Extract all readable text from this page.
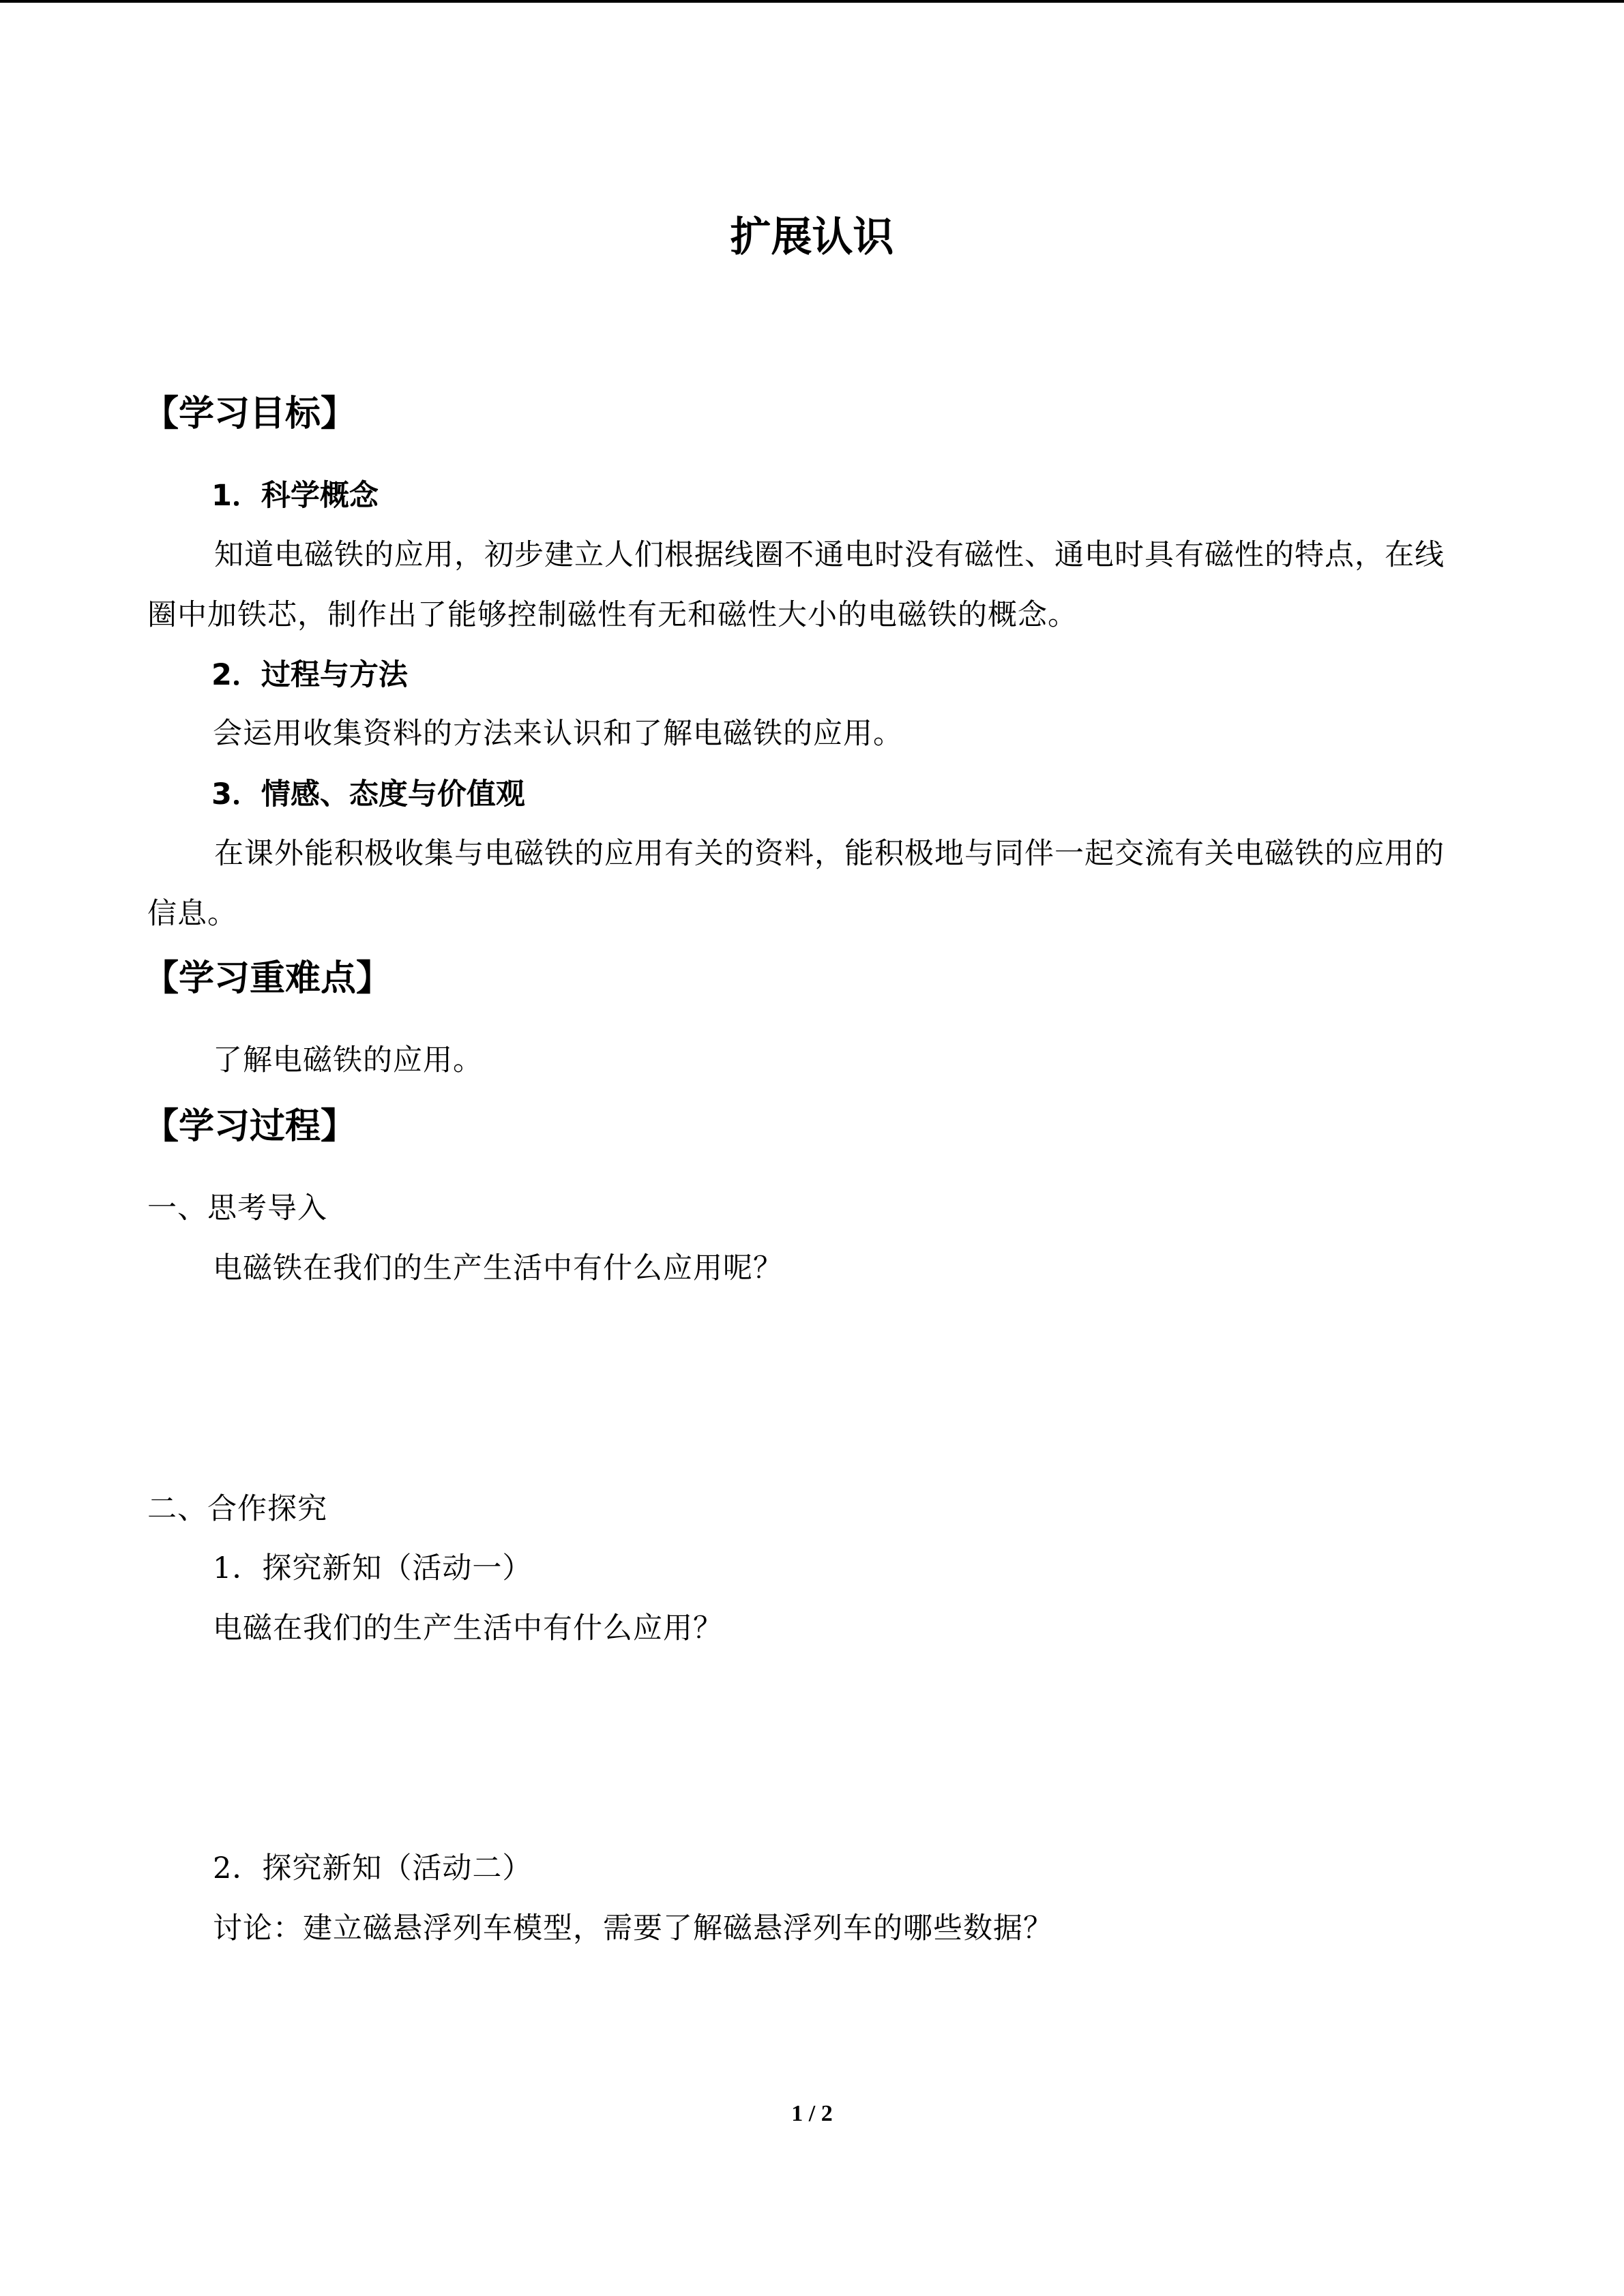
扩展认识
【学习目标】
1．科学概念

知道电磁铁的应用，初步建立人们根据线圈不通电时没有磁性、通电时具有磁性的特点，在线圈中加铁芯，制作出了能够控制磁性有无和磁性大小的电磁铁的概念。

2．过程与方法

会运用收集资料的方法来认识和了解电磁铁的应用。

3．情感、态度与价值观

在课外能积极收集与电磁铁的应用有关的资料，能积极地与同伴一起交流有关电磁铁的应用的信息。

【学习重难点】

了解电磁铁的应用。

【学习过程】

一、思考导入

电磁铁在我们的生产生活中有什么应用呢？

二、合作探究

1．探究新知（活动一）

电磁在我们的生产生活中有什么应用？

2．探究新知（活动二）

讨论：建立磁悬浮列车模型，需要了解磁悬浮列车的哪些数据？

1 / 2
